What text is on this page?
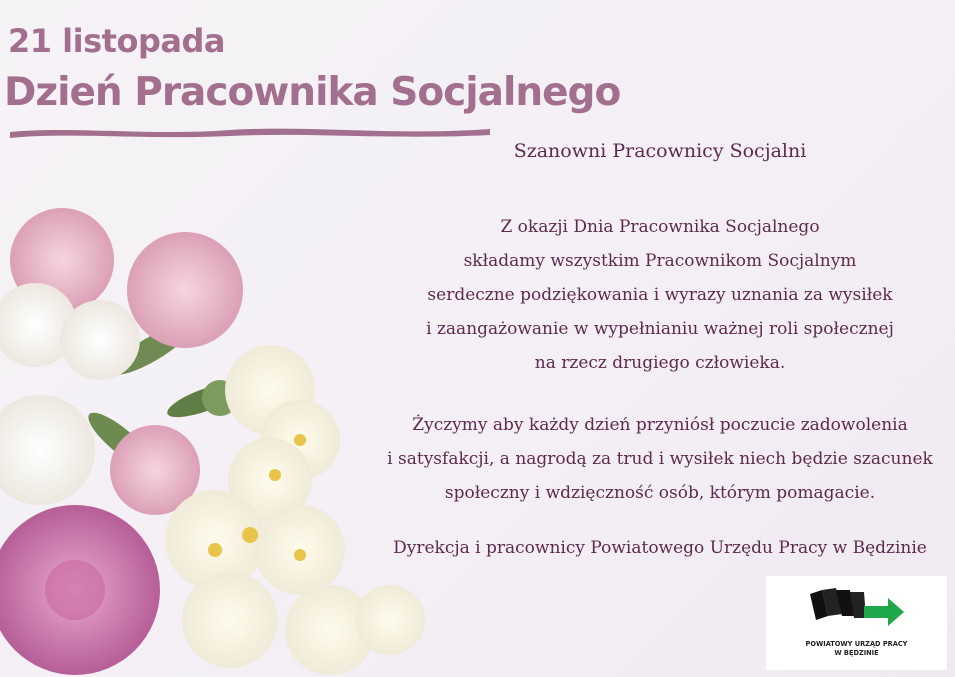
21 listopada
Dzień Pracownika Socjalnego
Szanowni Pracownicy Socjalni
Z okazji Dnia Pracownika Socjalnego
składamy wszystkim Pracownikom Socjalnym
serdeczne podziękowania i wyrazy uznania za wysiłek
i zaangażowanie w wypełnianiu ważnej roli społecznej
na rzecz drugiego człowieka.
Życzymy aby każdy dzień przyniósł poczucie zadowolenia
i satysfakcji, a nagrodą za trud i wysiłek niech będzie szacunek
społeczny i wdzięczność osób, którym pomagacie.
Dyrekcja i pracownicy Powiatowego Urzędu Pracy w Będzinie
POWIATOWY URZĄD PRACY
W BĘDZINIE
